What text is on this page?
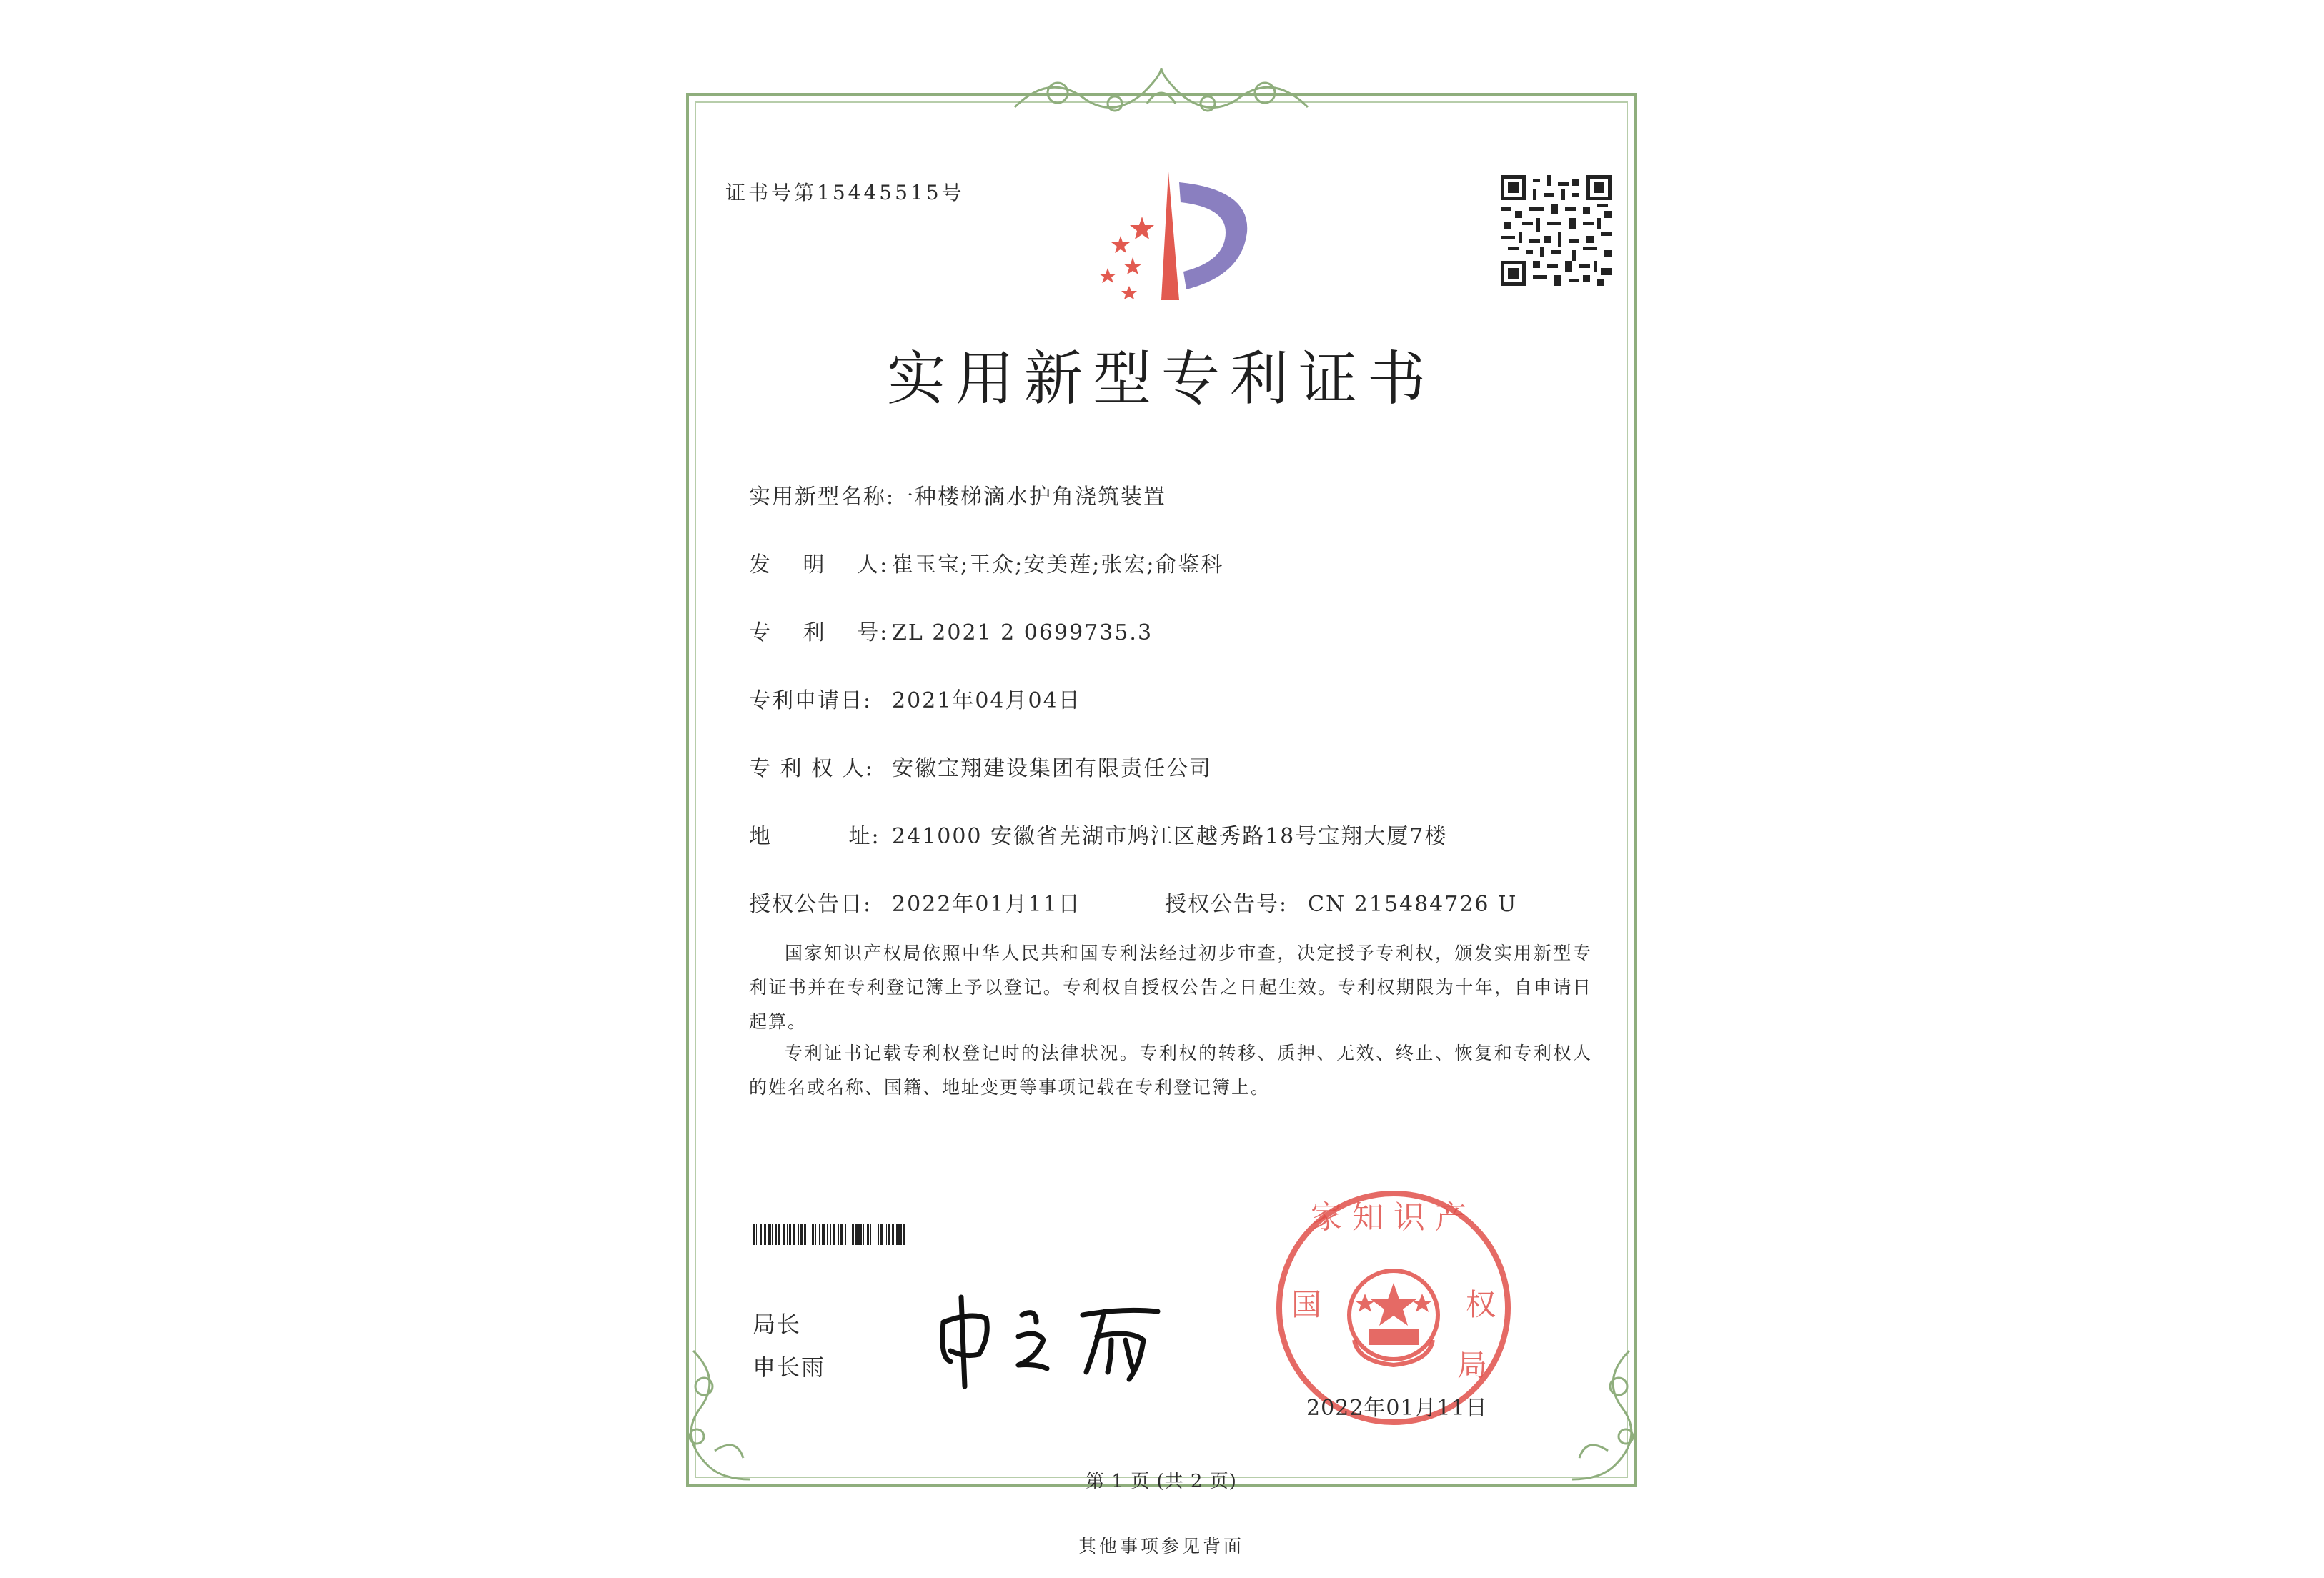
证书号第15445515号
实用新型专利证书
实用新型名称:一种楼梯滴水护角浇筑装置
发　 明　 人: 崔玉宝;王众;安美莲;张宏;俞鉴科
专　 利　 号: ZL 2021 2 0699735.3
专利申请日: 2021年04月04日
专 利 权 人: 安徽宝翔建设集团有限责任公司
地　　　 址: 241000 安徽省芜湖市鸠江区越秀路18号宝翔大厦7楼
授权公告日: 2022年01月11日	授权公告号: CN 215484726 U
国家知识产权局依照中华人民共和国专利法经过初步审查，决定授予专利权，颁发实用新型专利证书并在专利登记簿上予以登记。专利权自授权公告之日起生效。专利权期限为十年，自申请日起算。
专利证书记载专利权登记时的法律状况。专利权的转移、质押、无效、终止、恢复和专利权人的姓名或名称、国籍、地址变更等事项记载在专利登记簿上。
局长
申长雨
家知识产
国	权
局
2022年01月11日
第 1 页 (共 2 页)
其他事项参见背面
